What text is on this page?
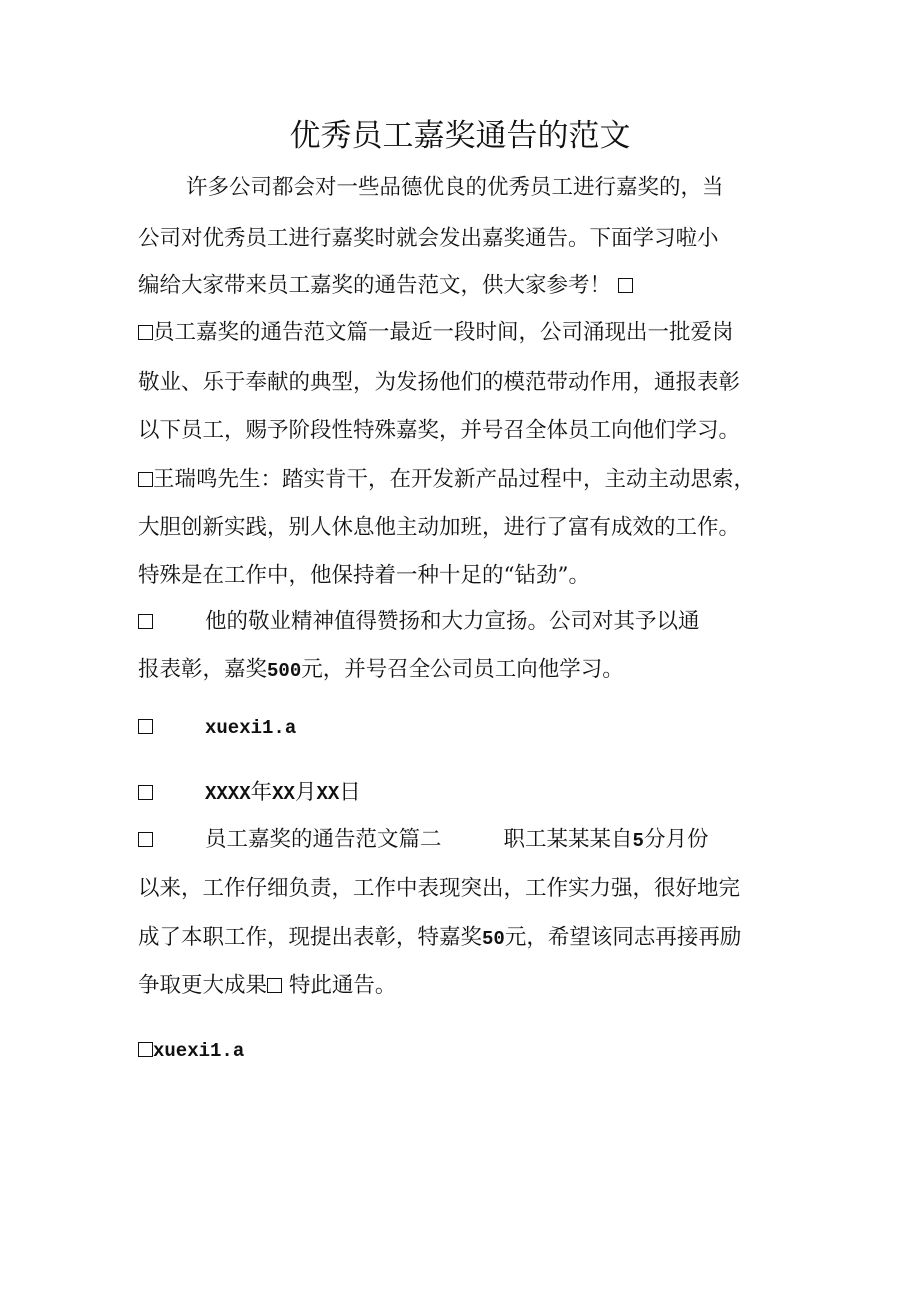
优秀员工嘉奖通告的范文
许多公司都会对一些品德优良的优秀员工进行嘉奖的，当
公司对优秀员工进行嘉奖时就会发出嘉奖通告。下面学习啦小
编给大家带来员工嘉奖的通告范文，供大家参考！
员工嘉奖的通告范文篇一最近一段时间，公司涌现出一批爱岗
敬业、乐于奉献的典型，为发扬他们的模范带动作用，通报表彰
以下员工，赐予阶段性特殊嘉奖，并号召全体员工向他们学习。
王瑞鸣先生：踏实肯干，在开发新产品过程中，主动主动思索，
大胆创新实践，别人休息他主动加班，进行了富有成效的工作。
特殊是在工作中，他保持着一种十足的“钻劲”。
他的敬业精神值得赞扬和大力宣扬。公司对其予以通
报表彰，嘉奖500元，并号召全公司员工向他学习。
xuexi1.a
XXXX年XX月XX日
员工嘉奖的通告范文篇二	职工某某某自5分月份
以来，工作仔细负责，工作中表现突出，工作实力强，很好地完
成了本职工作，现提出表彰，特嘉奖50元，希望该同志再接再励
争取更大成果 特此通告。
xuexi1.a
